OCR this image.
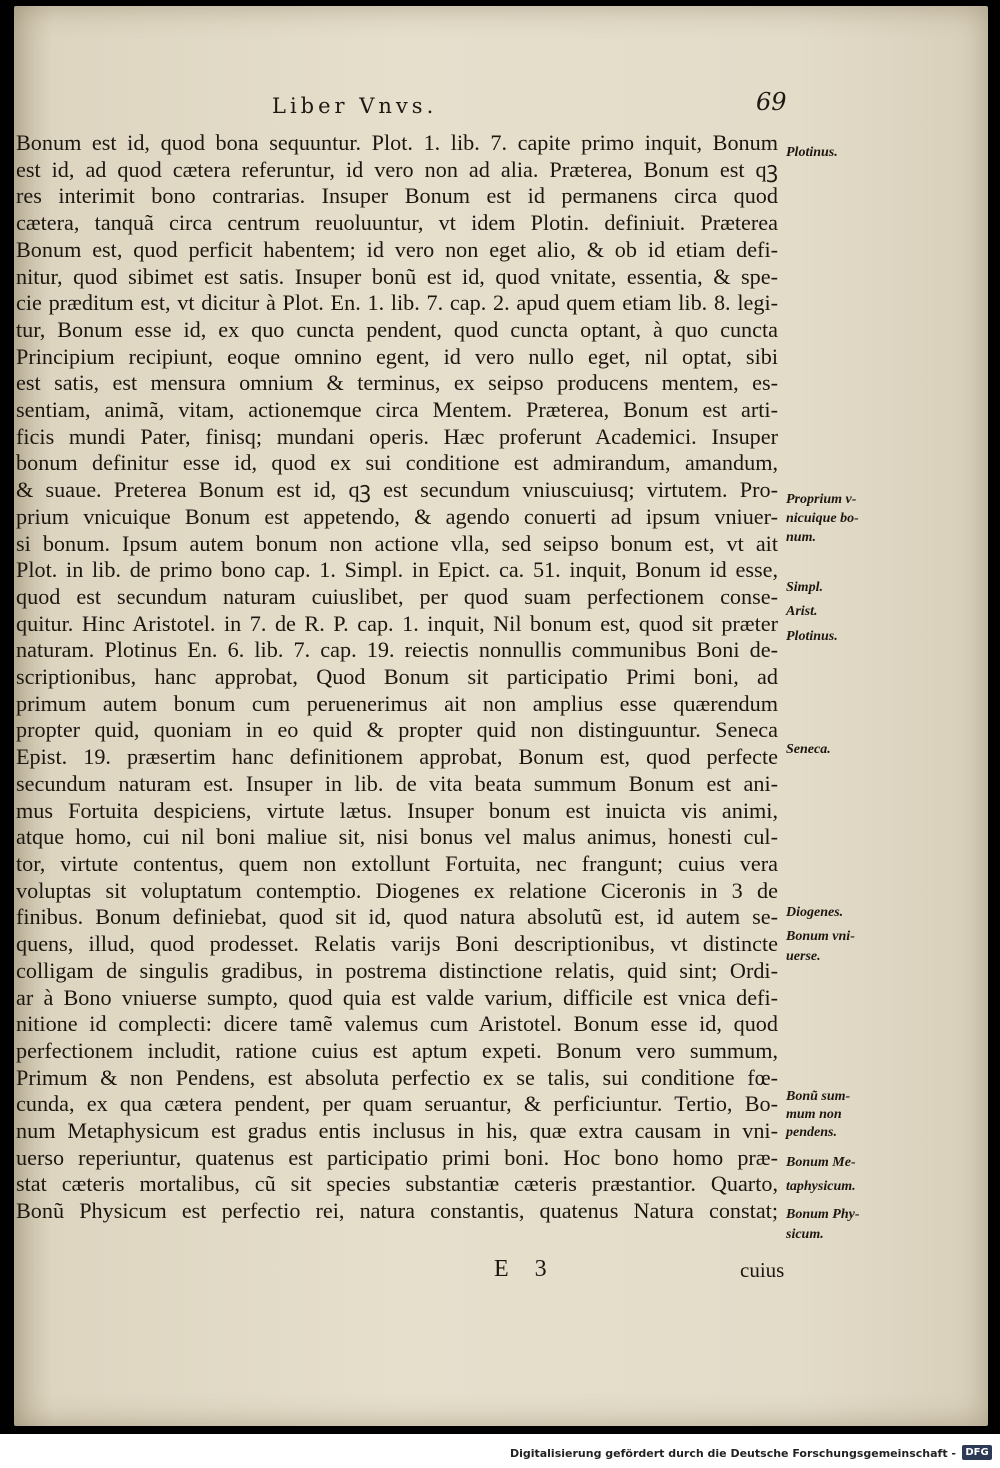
Liber Vnvs.	69
Bonum est id, quod bona sequuntur. Plot. 1. lib. 7. capite primo inquit, Bonum
est id, ad quod cætera referuntur, id vero non ad alia. Præterea, Bonum est qꝫ
res interimit bono contrarias. Insuper Bonum est id permanens circa quod
cætera, tanquã circa centrum reuoluuntur, vt idem Plotin. definiuit. Præterea
Bonum est, quod perficit habentem; id vero non eget alio, & ob id etiam defi-
nitur, quod sibimet est satis. Insuper bonũ est id, quod vnitate, essentia, & spe-
cie præditum est, vt dicitur à Plot. En. 1. lib. 7. cap. 2. apud quem etiam lib. 8. legi-
tur, Bonum esse id, ex quo cuncta pendent, quod cuncta optant, à quo cuncta
Principium recipiunt, eoque omnino egent, id vero nullo eget, nil optat, sibi
est satis, est mensura omnium & terminus, ex seipso producens mentem, es-
sentiam, animã, vitam, actionemque circa Mentem. Præterea, Bonum est arti-
ficis mundi Pater, finisq; mundani operis. Hæc proferunt Academici. Insuper
bonum definitur esse id, quod ex sui conditione est admirandum, amandum,
& suaue. Preterea Bonum est id, qꝫ est secundum vniuscuiusq; virtutem. Pro-
prium vnicuique Bonum est appetendo, & agendo conuerti ad ipsum vniuer-
si bonum. Ipsum autem bonum non actione vlla, sed seipso bonum est, vt ait
Plot. in lib. de primo bono cap. 1. Simpl. in Epict. ca. 51. inquit, Bonum id esse,
quod est secundum naturam cuiuslibet, per quod suam perfectionem conse-
quitur. Hinc Aristotel. in 7. de R. P. cap. 1. inquit, Nil bonum est, quod sit præter
naturam. Plotinus En. 6. lib. 7. cap. 19. reiectis nonnullis communibus Boni de-
scriptionibus, hanc approbat, Quod Bonum sit participatio Primi boni, ad
primum autem bonum cum peruenerimus ait non amplius esse quærendum
propter quid, quoniam in eo quid & propter quid non distinguuntur. Seneca
Epist. 19. præsertim hanc definitionem approbat, Bonum est, quod perfecte
secundum naturam est. Insuper in lib. de vita beata summum Bonum est ani-
mus Fortuita despiciens, virtute lætus. Insuper bonum est inuicta vis animi,
atque homo, cui nil boni maliue sit, nisi bonus vel malus animus, honesti cul-
tor, virtute contentus, quem non extollunt Fortuita, nec frangunt; cuius vera
voluptas sit voluptatum contemptio. Diogenes ex relatione Ciceronis in 3 de
finibus. Bonum definiebat, quod sit id, quod natura absolutũ est, id autem se-
quens, illud, quod prodesset. Relatis varijs Boni descriptionibus, vt distincte
colligam de singulis gradibus, in postrema distinctione relatis, quid sint; Ordi-
ar à Bono vniuerse sumpto, quod quia est valde varium, difficile est vnica defi-
nitione id complecti: dicere tamẽ valemus cum Aristotel. Bonum esse id, quod
perfectionem includit, ratione cuius est aptum expeti. Bonum vero summum,
Primum & non Pendens, est absoluta perfectio ex se talis, sui conditione fœ-
cunda, ex qua cætera pendent, per quam seruantur, & perficiuntur. Tertio, Bo-
num Metaphysicum est gradus entis inclusus in his, quæ extra causam in vni-
uerso reperiuntur, quatenus est participatio primi boni. Hoc bono homo præ-
stat cæteris mortalibus, cũ sit species substantiæ cæteris præstantior. Quarto,
Bonũ Physicum est perfectio rei, natura constantis, quatenus Natura constat;
Plotinus.
Proprium v-
nicuique bo-
num.
Simpl.
Arist.
Plotinus.
Seneca.
Diogenes.
Bonum vni-
uerse.
Bonũ sum-
mum non
pendens.
Bonum Me-
taphysicum.
Bonum Phy-
sicum.
E 3	cuius
Digitalisierung gefördert durch die Deutsche Forschungsgemeinschaft - DFG
